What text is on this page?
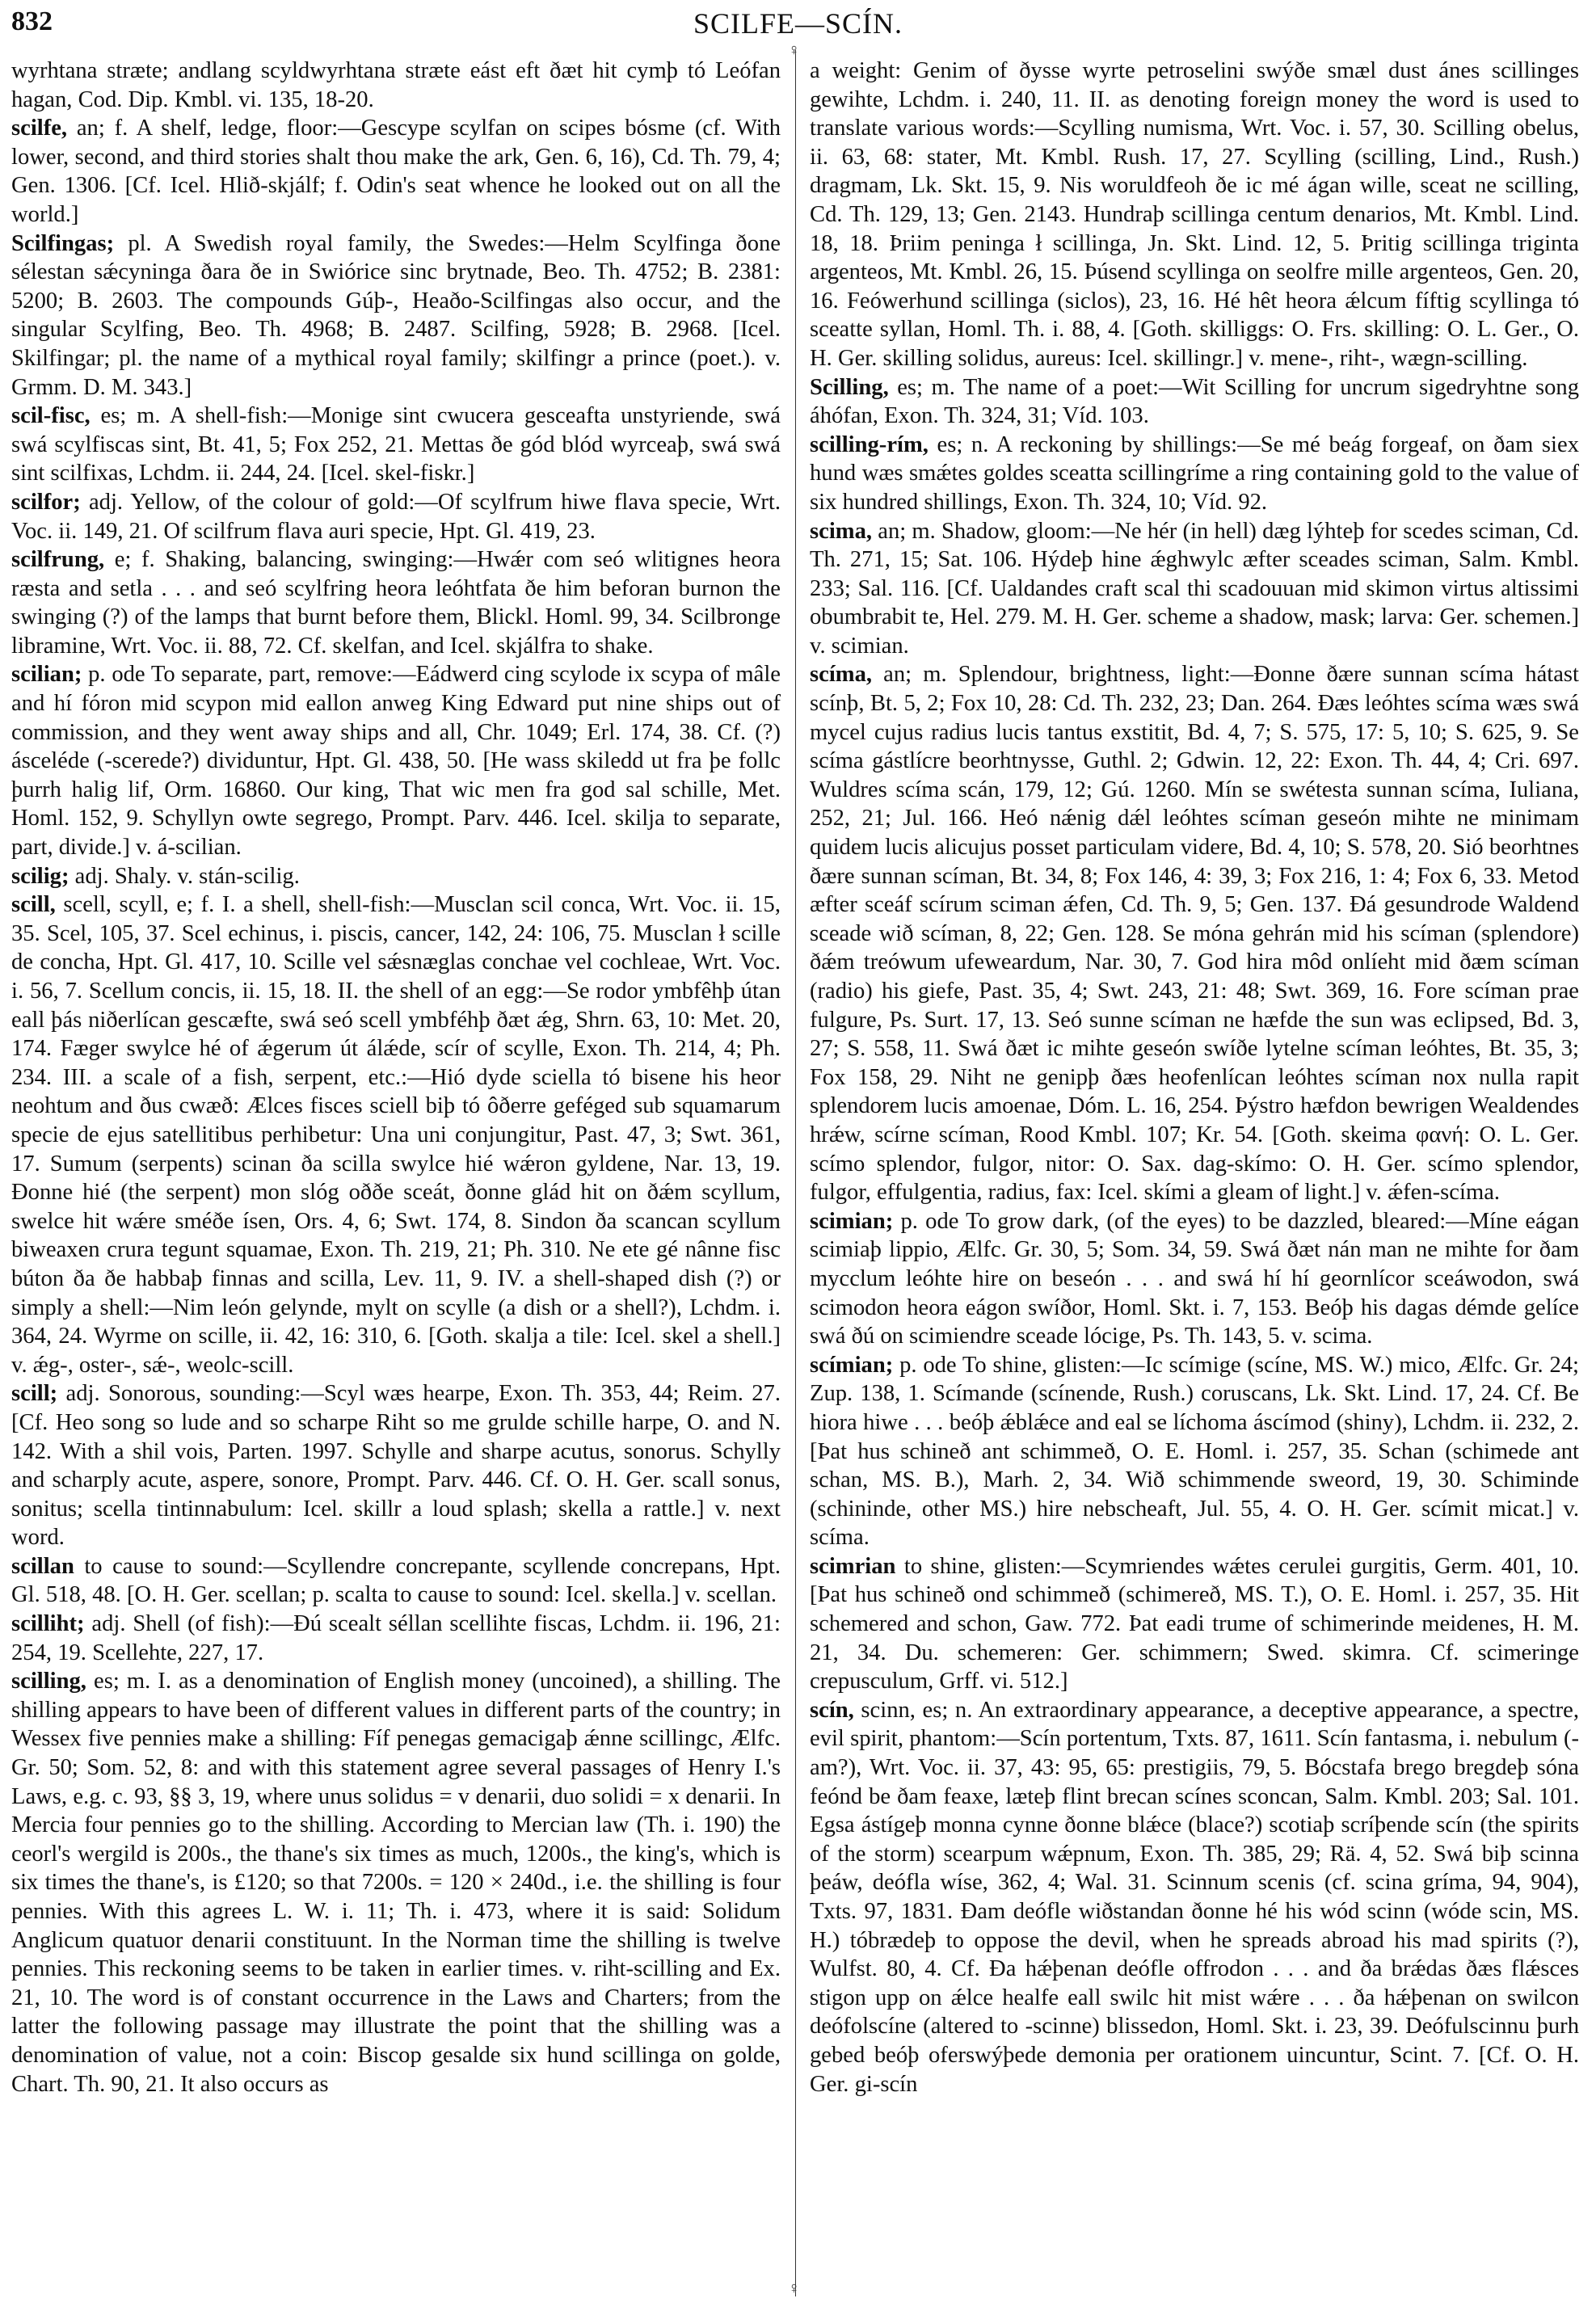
832	SCILFE—SCÍN.

wyrhtana stræte; andlang scyldwyrhtana stræte eást eft ðæt hit cymþ tó Leófan hagan, Cod. Dip. Kmbl. vi. 135, 18-20.

scilfe, an; f. A shelf, ledge, floor:—Gescype scylfan on scipes bósme (cf. With lower, second, and third stories shalt thou make the ark, Gen. 6, 16), Cd. Th. 79, 4; Gen. 1306. [Cf. Icel. Hlið-skjálf; f. Odin's seat whence he looked out on all the world.]

Scilfingas; pl. A Swedish royal family, the Swedes:—Helm Scylfinga ðone sélestan sǽcyninga ðara ðe in Swiórice sinc brytnade, Beo. Th. 4752; B. 2381: 5200; B. 2603. The compounds Gúþ-, Heaðo-Scilfingas also occur, and the singular Scylfing, Beo. Th. 4968; B. 2487. Scilfing, 5928; B. 2968. [Icel. Skilfingar; pl. the name of a mythical royal family; skilfingr a prince (poet.). v. Grmm. D. M. 343.]

scil-fisc, es; m. A shell-fish:—Monige sint cwucera gesceafta unstyriende, swá swá scylfiscas sint, Bt. 41, 5; Fox 252, 21. Mettas ðe gód blód wyrceaþ, swá swá sint scilfixas, Lchdm. ii. 244, 24. [Icel. skel-fiskr.]

scilfor; adj. Yellow, of the colour of gold:—Of scylfrum hiwe flava specie, Wrt. Voc. ii. 149, 21. Of scilfrum flava auri specie, Hpt. Gl. 419, 23.

scilfrung, e; f. Shaking, balancing, swinging:—Hwǽr com seó wlitignes heora ræsta and setla . . . and seó scylfring heora leóhtfata ðe him beforan burnon the swinging (?) of the lamps that burnt before them, Blickl. Homl. 99, 34. Scilbronge libramine, Wrt. Voc. ii. 88, 72. Cf. skelfan, and Icel. skjálfra to shake.

scilian; p. ode To separate, part, remove:—Eádwerd cing scylode ix scypa of mâle and hí fóron mid scypon mid eallon anweg King Edward put nine ships out of commission, and they went away ships and all, Chr. 1049; Erl. 174, 38. Cf. (?) ásceléde (-scerede?) dividuntur, Hpt. Gl. 438, 50. [He wass skiledd ut fra þe follc þurrh halig lif, Orm. 16860. Our king, That wic men fra god sal schille, Met. Homl. 152, 9. Schyllyn owte segrego, Prompt. Parv. 446. Icel. skilja to separate, part, divide.] v. á-scilian.

scilig; adj. Shaly. v. stán-scilig.

scill, scell, scyll, e; f. I. a shell, shell-fish:—Musclan scil conca, Wrt. Voc. ii. 15, 35. Scel, 105, 37. Scel echinus, i. piscis, cancer, 142, 24: 106, 75. Musclan ł scille de concha, Hpt. Gl. 417, 10. Scille vel sǽsnæglas conchae vel cochleae, Wrt. Voc. i. 56, 7. Scellum concis, ii. 15, 18. II. the shell of an egg:—Se rodor ymbfêhþ útan eall þás niðerlícan gescæfte, swá seó scell ymbféhþ ðæt ǽg, Shrn. 63, 10: Met. 20, 174. Fæger swylce hé of ǽgerum út álǽde, scír of scylle, Exon. Th. 214, 4; Ph. 234. III. a scale of a fish, serpent, etc.:—Hió dyde sciella tó bisene his heor neohtum and ðus cwæð: Ælces fisces sciell biþ tó ôðerre geféged sub squamarum specie de ejus satellitibus perhibetur: Una uni conjungitur, Past. 47, 3; Swt. 361, 17. Sumum (serpents) scinan ða scilla swylce hié wǽron gyldene, Nar. 13, 19. Ðonne hié (the serpent) mon slóg oððe sceát, ðonne glád hit on ðǽm scyllum, swelce hit wǽre sméðe ísen, Ors. 4, 6; Swt. 174, 8. Sindon ða scancan scyllum biweaxen crura tegunt squamae, Exon. Th. 219, 21; Ph. 310. Ne ete gé nânne fisc búton ða ðe habbaþ finnas and scilla, Lev. 11, 9. IV. a shell-shaped dish (?) or simply a shell:—Nim león gelynde, mylt on scylle (a dish or a shell?), Lchdm. i. 364, 24. Wyrme on scille, ii. 42, 16: 310, 6. [Goth. skalja a tile: Icel. skel a shell.] v. ǽg-, oster-, sǽ-, weolc-scill.

scill; adj. Sonorous, sounding:—Scyl wæs hearpe, Exon. Th. 353, 44; Reim. 27. [Cf. Heo song so lude and so scharpe Riht so me grulde schille harpe, O. and N. 142. With a shil vois, Parten. 1997. Schylle and sharpe acutus, sonorus. Schylly and scharply acute, aspere, sonore, Prompt. Parv. 446. Cf. O. H. Ger. scall sonus, sonitus; scella tintinnabulum: Icel. skillr a loud splash; skella a rattle.] v. next word.

scillan to cause to sound:—Scyllendre concrepante, scyllende concrepans, Hpt. Gl. 518, 48. [O. H. Ger. scellan; p. scalta to cause to sound: Icel. skella.] v. scellan.

scilliht; adj. Shell (of fish):—Ðú scealt séllan scellihte fiscas, Lchdm. ii. 196, 21: 254, 19. Scellehte, 227, 17.

scilling, es; m. I. as a denomination of English money (uncoined), a shilling. The shilling appears to have been of different values in different parts of the country; in Wessex five pennies make a shilling: Fíf penegas gemacigaþ ǽnne scillingc, Ælfc. Gr. 50; Som. 52, 8: and with this statement agree several passages of Henry I.'s Laws, e.g. c. 93, §§ 3, 19, where unus solidus = v denarii, duo solidi = x denarii. In Mercia four pennies go to the shilling. According to Mercian law (Th. i. 190) the ceorl's wergild is 200s., the thane's six times as much, 1200s., the king's, which is six times the thane's, is £120; so that 7200s. = 120 × 240d., i.e. the shilling is four pennies. With this agrees L. W. i. 11; Th. i. 473, where it is said: Solidum Anglicum quatuor denarii constituunt. In the Norman time the shilling is twelve pennies. This reckoning seems to be taken in earlier times. v. riht-scilling and Ex. 21, 10. The word is of constant occurrence in the Laws and Charters; from the latter the following passage may illustrate the point that the shilling was a denomination of value, not a coin: Biscop gesalde six hund scillinga on golde, Chart. Th. 90, 21. It also occurs as

♀
♀

a weight: Genim of ðysse wyrte petroselini swýðe smæl dust ánes scillinges gewihte, Lchdm. i. 240, 11. II. as denoting foreign money the word is used to translate various words:—Scylling numisma, Wrt. Voc. i. 57, 30. Scilling obelus, ii. 63, 68: stater, Mt. Kmbl. Rush. 17, 27. Scylling (scilling, Lind., Rush.) dragmam, Lk. Skt. 15, 9. Nis woruldfeoh ðe ic mé ágan wille, sceat ne scilling, Cd. Th. 129, 13; Gen. 2143. Hundraþ scillinga centum denarios, Mt. Kmbl. Lind. 18, 18. Þriim peninga ł scillinga, Jn. Skt. Lind. 12, 5. Þritig scillinga triginta argenteos, Mt. Kmbl. 26, 15. Þúsend scyllinga on seolfre mille argenteos, Gen. 20, 16. Feówerhund scillinga (siclos), 23, 16. Hé hêt heora ǽlcum fíftig scyllinga tó sceatte syllan, Homl. Th. i. 88, 4. [Goth. skilliggs: O. Frs. skilling: O. L. Ger., O. H. Ger. skilling solidus, aureus: Icel. skillingr.] v. mene-, riht-, wægn-scilling.

Scilling, es; m. The name of a poet:—Wit Scilling for uncrum sigedryhtne song áhófan, Exon. Th. 324, 31; Víd. 103.

scilling-rím, es; n. A reckoning by shillings:—Se mé beág forgeaf, on ðam siex hund wæs smǽtes goldes sceatta scillingríme a ring containing gold to the value of six hundred shillings, Exon. Th. 324, 10; Víd. 92.

scima, an; m. Shadow, gloom:—Ne hér (in hell) dæg lýhteþ for scedes sciman, Cd. Th. 271, 15; Sat. 106. Hýdeþ hine ǽghwylc æfter sceades sciman, Salm. Kmbl. 233; Sal. 116. [Cf. Ualdandes craft scal thi scadouuan mid skimon virtus altissimi obumbrabit te, Hel. 279. M. H. Ger. scheme a shadow, mask; larva: Ger. schemen.] v. scimian.

scíma, an; m. Splendour, brightness, light:—Ðonne ðære sunnan scíma hátast scínþ, Bt. 5, 2; Fox 10, 28: Cd. Th. 232, 23; Dan. 264. Ðæs leóhtes scíma wæs swá mycel cujus radius lucis tantus exstitit, Bd. 4, 7; S. 575, 17: 5, 10; S. 625, 9. Se scíma gástlícre beorhtnysse, Guthl. 2; Gdwin. 12, 22: Exon. Th. 44, 4; Cri. 697. Wuldres scíma scán, 179, 12; Gú. 1260. Mín se swétesta sunnan scíma, Iuliana, 252, 21; Jul. 166. Heó nǽnig dǽl leóhtes scíman geseón mihte ne minimam quidem lucis alicujus posset particulam videre, Bd. 4, 10; S. 578, 20. Sió beorhtnes ðære sunnan scíman, Bt. 34, 8; Fox 146, 4: 39, 3; Fox 216, 1: 4; Fox 6, 33. Metod æfter sceáf scírum sciman ǽfen, Cd. Th. 9, 5; Gen. 137. Ðá gesundrode Waldend sceade wið scíman, 8, 22; Gen. 128. Se móna gehrán mid his scíman (splendore) ðǽm treówum ufeweardum, Nar. 30, 7. God hira môd onlíeht mid ðæm scíman (radio) his giefe, Past. 35, 4; Swt. 243, 21: 48; Swt. 369, 16. Fore scíman prae fulgure, Ps. Surt. 17, 13. Seó sunne scíman ne hæfde the sun was eclipsed, Bd. 3, 27; S. 558, 11. Swá ðæt ic mihte geseón swíðe lytelne scíman leóhtes, Bt. 35, 3; Fox 158, 29. Niht ne genipþ ðæs heofenlícan leóhtes scíman nox nulla rapit splendorem lucis amoenae, Dóm. L. 16, 254. Þýstro hæfdon bewrigen Wealdendes hrǽw, scírne scíman, Rood Kmbl. 107; Kr. 54. [Goth. skeima φανή: O. L. Ger. scímo splendor, fulgor, nitor: O. Sax. dag-skímo: O. H. Ger. scímo splendor, fulgor, effulgentia, radius, fax: Icel. skími a gleam of light.] v. ǽfen-scíma.

scimian; p. ode To grow dark, (of the eyes) to be dazzled, bleared:—Míne eágan scimiaþ lippio, Ælfc. Gr. 30, 5; Som. 34, 59. Swá ðæt nán man ne mihte for ðam mycclum leóhte hire on beseón . . . and swá hí hí geornlícor sceáwodon, swá scimodon heora eágon swíðor, Homl. Skt. i. 7, 153. Beóþ his dagas démde gelíce swá ðú on scimiendre sceade lócige, Ps. Th. 143, 5. v. scima.

scímian; p. ode To shine, glisten:—Ic scímige (scíne, MS. W.) mico, Ælfc. Gr. 24; Zup. 138, 1. Scímande (scínende, Rush.) coruscans, Lk. Skt. Lind. 17, 24. Cf. Be hiora hiwe . . . beóþ ǽblǽce and eal se líchoma áscímod (shiny), Lchdm. ii. 232, 2. [Þat hus schineð ant schimmeð, O. E. Homl. i. 257, 35. Schan (schimede ant schan, MS. B.), Marh. 2, 34. Wið schimmende sweord, 19, 30. Schiminde (schininde, other MS.) hire nebscheaft, Jul. 55, 4. O. H. Ger. scímit micat.] v. scíma.

scimrian to shine, glisten:—Scymriendes wǽtes cerulei gurgitis, Germ. 401, 10. [Þat hus schineð ond schimmeð (schimereð, MS. T.), O. E. Homl. i. 257, 35. Hit schemered and schon, Gaw. 772. Þat eadi trume of schimerinde meidenes, H. M. 21, 34. Du. schemeren: Ger. schimmern; Swed. skimra. Cf. scimeringe crepusculum, Grff. vi. 512.]

scín, scinn, es; n. An extraordinary appearance, a deceptive appearance, a spectre, evil spirit, phantom:—Scín portentum, Txts. 87, 1611. Scín fantasma, i. nebulum (-am?), Wrt. Voc. ii. 37, 43: 95, 65: prestigiis, 79, 5. Bócstafa brego bregdeþ sóna feónd be ðam feaxe, læteþ flint brecan scínes sconcan, Salm. Kmbl. 203; Sal. 101. Egsa ástígeþ monna cynne ðonne blǽce (blace?) scotiaþ scríþende scín (the spirits of the storm) scearpum wǽpnum, Exon. Th. 385, 29; Rä. 4, 52. Swá biþ scinna þeáw, deófla wíse, 362, 4; Wal. 31. Scinnum scenis (cf. scina gríma, 94, 904), Txts. 97, 1831. Ðam deófle wiðstandan ðonne hé his wód scinn (wóde scin, MS. H.) tóbrædeþ to oppose the devil, when he spreads abroad his mad spirits (?), Wulfst. 80, 4. Cf. Ða hǽþenan deófle offrodon . . . and ða brǽdas ðæs flǽsces stigon upp on ǽlce healfe eall swilc hit mist wǽre . . . ða hǽþenan on swilcon deófolscíne (altered to -scinne) blissedon, Homl. Skt. i. 23, 39. Deófulscinnu þurh gebed beóþ oferswýþede demonia per orationem uincuntur, Scint. 7. [Cf. O. H. Ger. gi-scín
